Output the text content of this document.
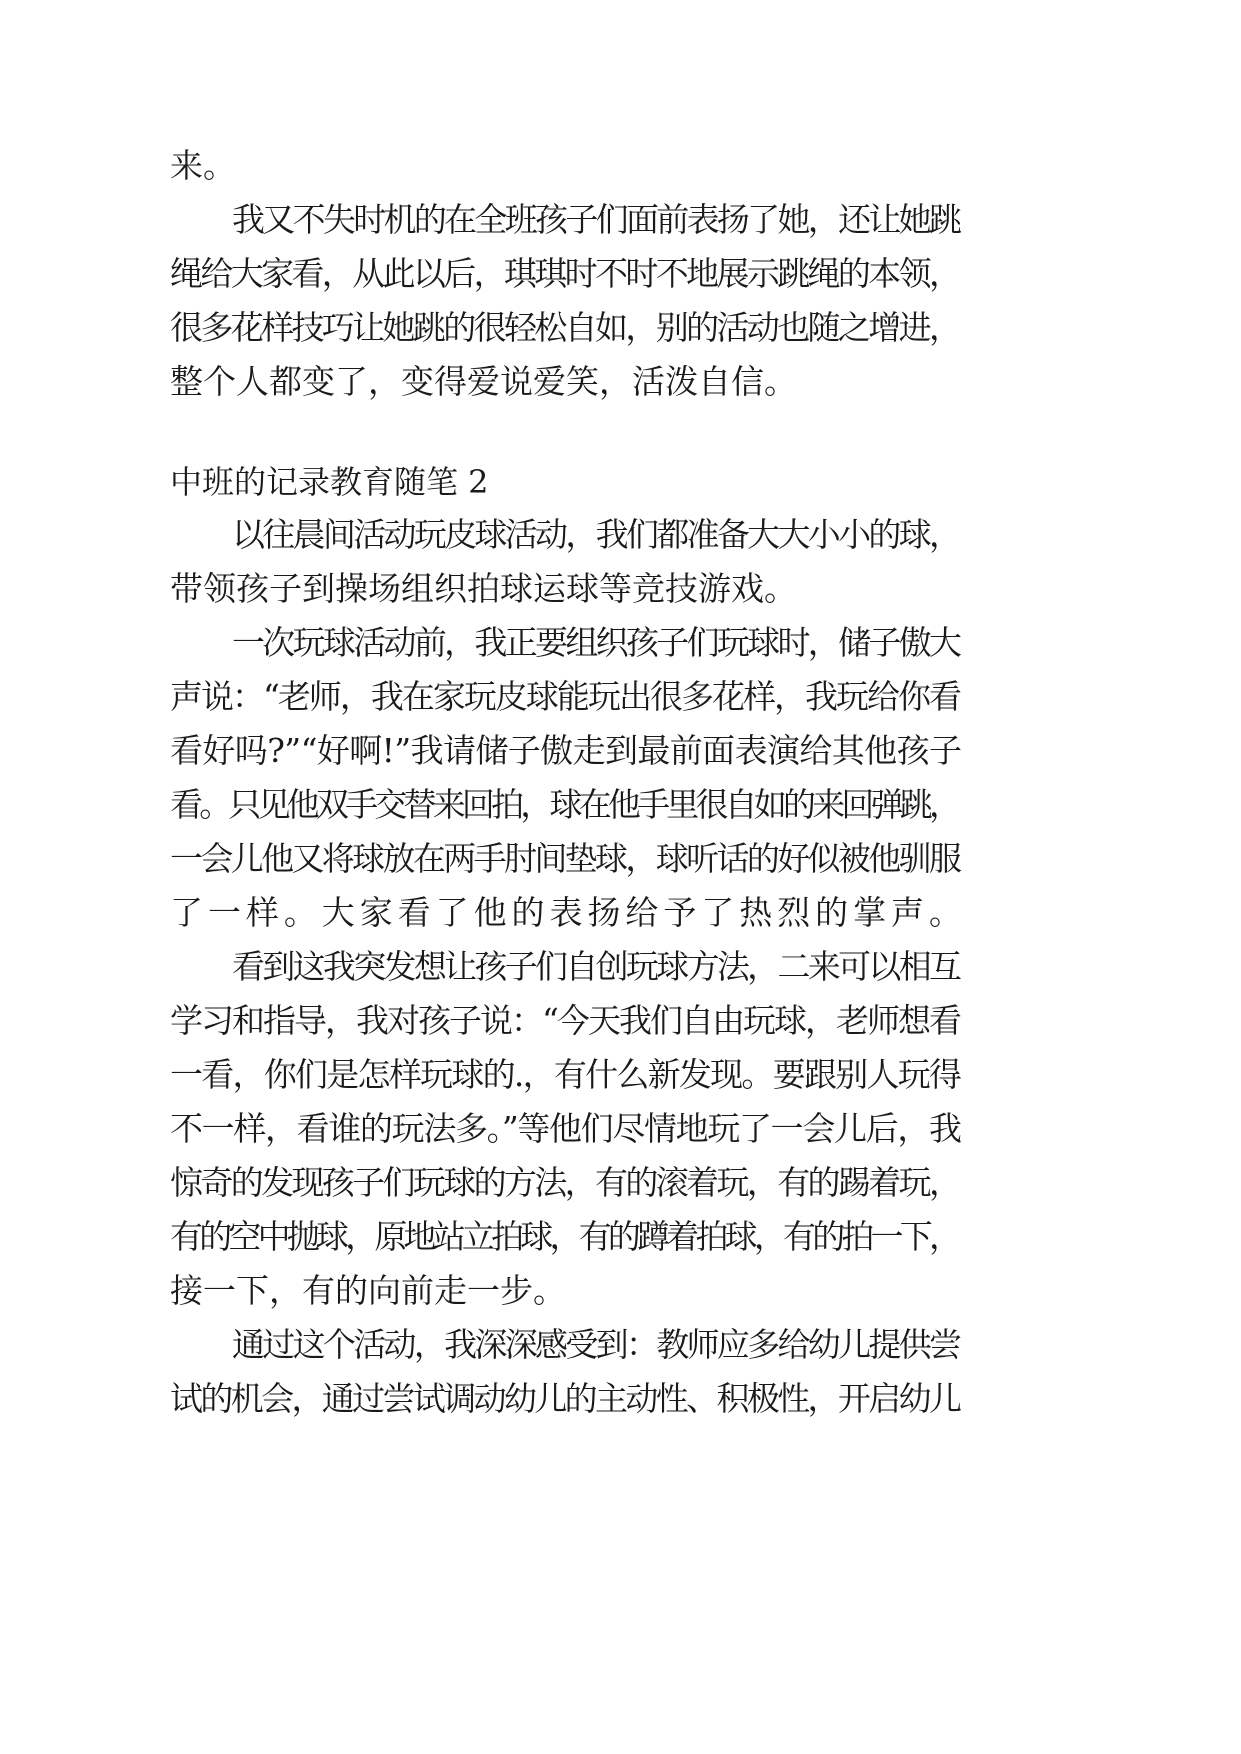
来。
我又不失时机的在全班孩子们面前表扬了她，还让她跳
绳给大家看，从此以后，琪琪时不时不地展示跳绳的本领，
很多花样技巧让她跳的很轻松自如，别的活动也随之增进，
整个人都变了，变得爱说爱笑，活泼自信。
中班的记录教育随笔 2
以往晨间活动玩皮球活动，我们都准备大大小小的球，
带领孩子到操场组织拍球运球等竞技游戏。
一次玩球活动前，我正要组织孩子们玩球时，储子傲大
声说：“老师，我在家玩皮球能玩出很多花样，我玩给你看
看好吗?”“好啊!”我请储子傲走到最前面表演给其他孩子
看。只见他双手交替来回拍，球在他手里很自如的来回弹跳，
一会儿他又将球放在两手肘间垫球，球听话的好似被他驯服
了一样。大家看了他的表扬给予了热烈的掌声。
看到这我突发想让孩子们自创玩球方法，二来可以相互
学习和指导，我对孩子说：“今天我们自由玩球，老师想看
一看，你们是怎样玩球的.，有什么新发现。要跟别人玩得
不一样，看谁的玩法多。”等他们尽情地玩了一会儿后，我
惊奇的发现孩子们玩球的方法，有的滚着玩，有的踢着玩，
有的空中抛球，原地站立拍球，有的蹲着拍球，有的拍一下，
接一下，有的向前走一步。
通过这个活动，我深深感受到：教师应多给幼儿提供尝
试的机会，通过尝试调动幼儿的主动性、积极性，开启幼儿
